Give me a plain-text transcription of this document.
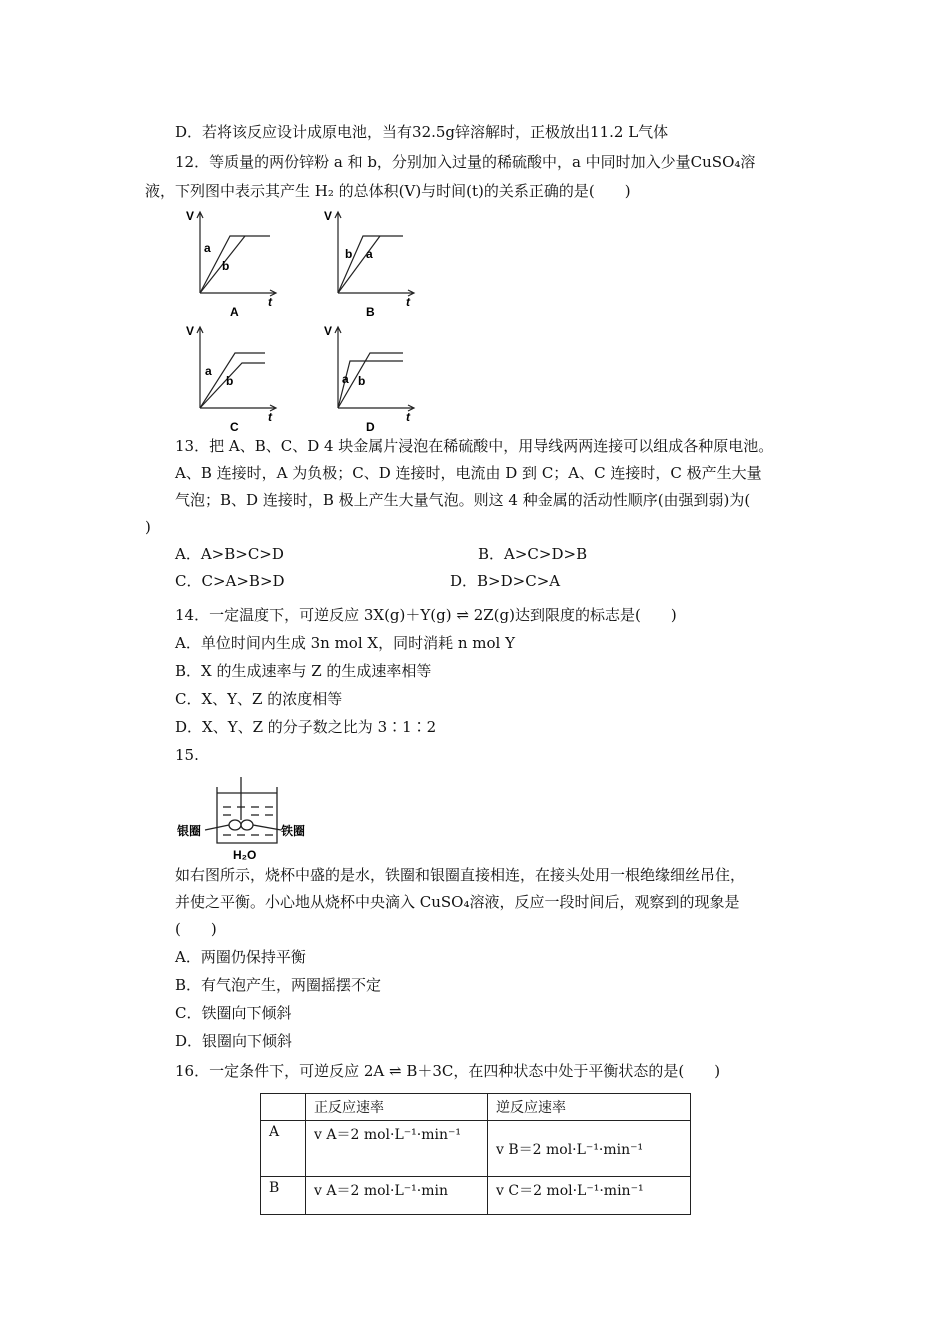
D．若将该反应设计成原电池，当有32.5g锌溶解时，正极放出11.2 L气体
12．等质量的两份锌粉 a 和 b，分别加入过量的稀硫酸中，a 中同时加入少量CuSO₄溶
液，下列图中表示其产生 H₂ 的总体积(V)与时间(t)的关系正确的是(　　)
V
t
a
b
A
V
t
b a
B
V
t
a
b
C
V
t
a b
D
13．把 A、B、C、D 4 块金属片浸泡在稀硫酸中，用导线两两连接可以组成各种原电池。
A、B 连接时，A 为负极；C、D 连接时，电流由 D 到 C；A、C 连接时，C 极产生大量
气泡；B、D 连接时，B 极上产生大量气泡。则这 4 种金属的活动性顺序(由强到弱)为(
)
A．A>B>C>D	B．A>C>D>B
C．C>A>B>D	D．B>D>C>A
14．一定温度下，可逆反应 3X(g)＋Y(g) ⇌ 2Z(g)达到限度的标志是(　　)
A．单位时间内生成 3n mol X，同时消耗 n mol Y
B．X 的生成速率与 Z 的生成速率相等
C．X、Y、Z 的浓度相等
D．X、Y、Z 的分子数之比为 3∶1∶2
15.
银圈	铁圈
H₂O
如右图所示，烧杯中盛的是水，铁圈和银圈直接相连，在接头处用一根绝缘细丝吊住，
并使之平衡。小心地从烧杯中央滴入 CuSO₄溶液，反应一段时间后，观察到的现象是
(　　)
A．两圈仍保持平衡
B．有气泡产生，两圈摇摆不定
C．铁圈向下倾斜
D．银圈向下倾斜
16．一定条件下，可逆反应 2A ⇌ B＋3C，在四种状态中处于平衡状态的是(　　)
	正反应速率	逆反应速率
A	v A＝2 mol·L⁻¹·min⁻¹	v B＝2 mol·L⁻¹·min⁻¹
B	v A＝2 mol·L⁻¹·min	v C＝2 mol·L⁻¹·min⁻¹
